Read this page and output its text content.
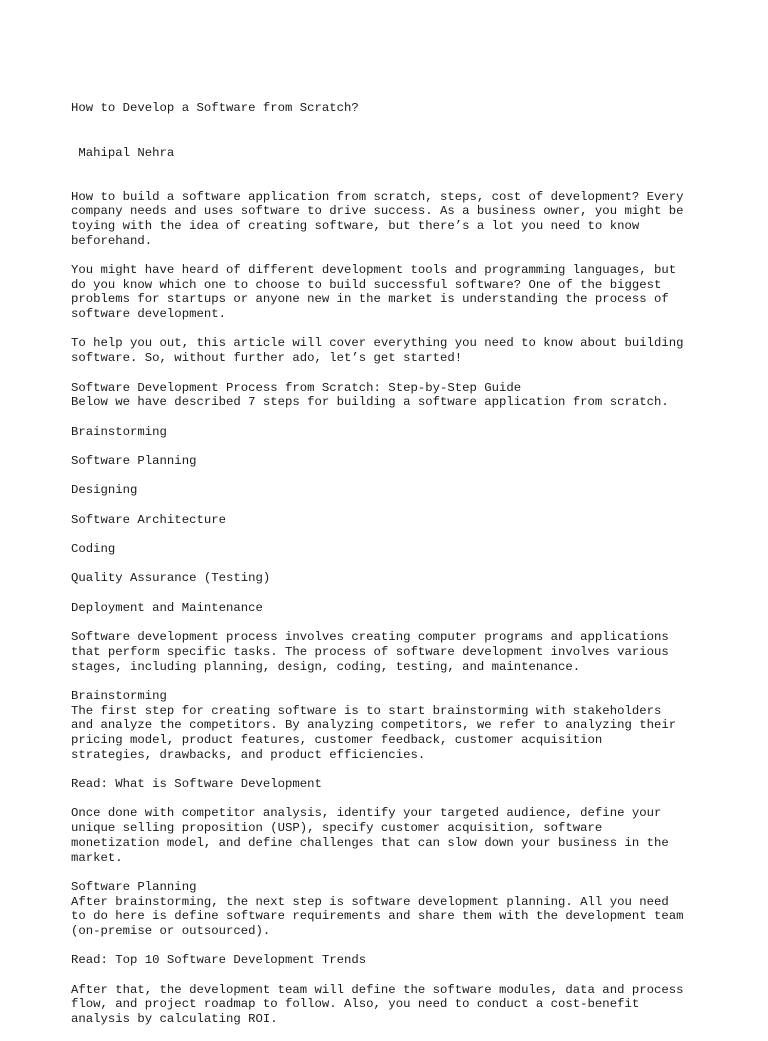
How to Develop a Software from Scratch?

Mahipal Nehra

How to build a software application from scratch, steps, cost of development? Every
company needs and uses software to drive success. As a business owner, you might be
toying with the idea of creating software, but there’s a lot you need to know
beforehand.
You might have heard of different development tools and programming languages, but
do you know which one to choose to build successful software? One of the biggest
problems for startups or anyone new in the market is understanding the process of
software development.
To help you out, this article will cover everything you need to know about building
software. So, without further ado, let’s get started!
Software Development Process from Scratch: Step-by-Step Guide
Below we have described 7 steps for building a software application from scratch.
Brainstorming
Software Planning
Designing
Software Architecture
Coding
Quality Assurance (Testing)
Deployment and Maintenance
Software development process involves creating computer programs and applications
that perform specific tasks. The process of software development involves various
stages, including planning, design, coding, testing, and maintenance.
Brainstorming
The first step for creating software is to start brainstorming with stakeholders
and analyze the competitors. By analyzing competitors, we refer to analyzing their
pricing model, product features, customer feedback, customer acquisition
strategies, drawbacks, and product efficiencies.
Read: What is Software Development
Once done with competitor analysis, identify your targeted audience, define your
unique selling proposition (USP), specify customer acquisition, software
monetization model, and define challenges that can slow down your business in the
market.
Software Planning
After brainstorming, the next step is software development planning. All you need
to do here is define software requirements and share them with the development team
(on-premise or outsourced).
Read: Top 10 Software Development Trends
After that, the development team will define the software modules, data and process
flow, and project roadmap to follow. Also, you need to conduct a cost-benefit
analysis by calculating ROI.
